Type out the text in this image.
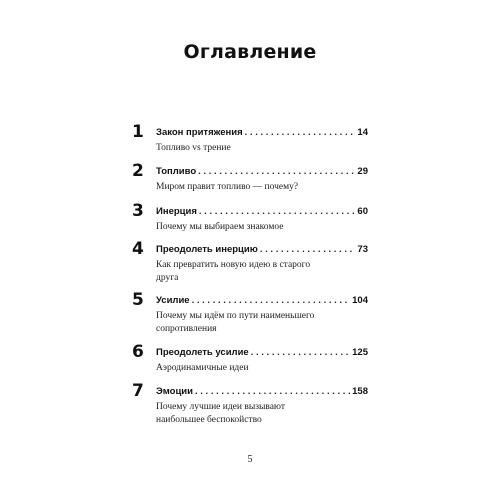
Оглавление
1	Закон притяжения . . .	14
Топливо vs трение
2	Топливо . . .	29
Миром правит топливо — почему?
3	Инерция . . .	60
Почему мы выбираем знакомое
4	Преодолеть инерцию . . .	73
Как превратить новую идею в старого друга
5	Усилие . . .	104
Почему мы идём по пути наименьшего сопротивления
6	Преодолеть усилие . . .	125
Аэродинамичные идеи
7	Эмоции . . .	158
Почему лучшие идеи вызывают наибольшее беспокойство
5
